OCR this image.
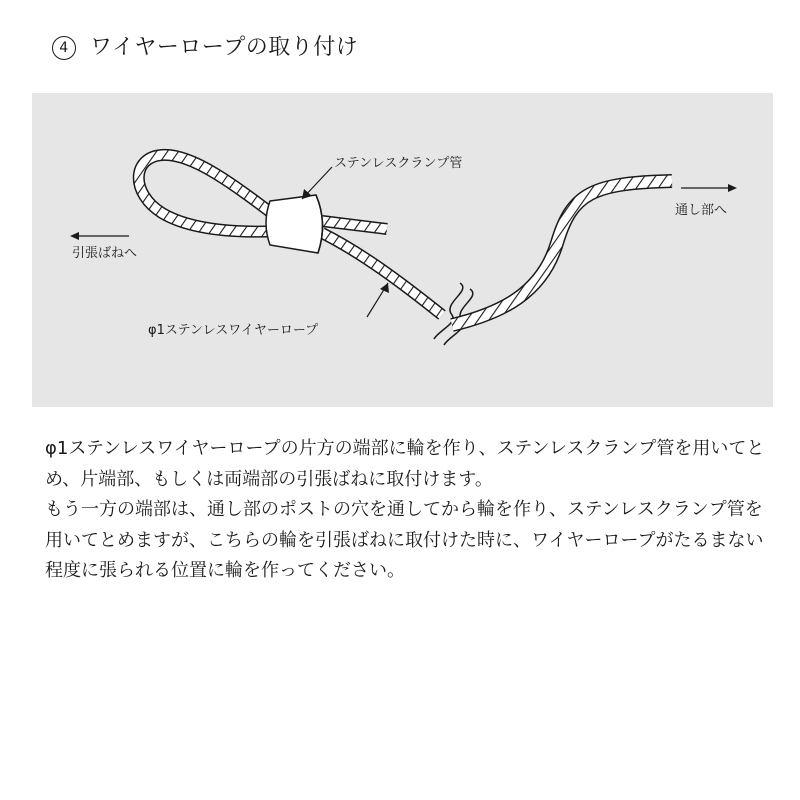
4 ワイヤーロープの取り付け
ステンレスクランプ管
通し部へ
引張ばねへ
φ1ステンレスワイヤーロープ

φ1ステンレスワイヤーロープの片方の端部に輪を作り、ステンレスクランプ管を用いてとめ、片端部、もしくは両端部の引張ばねに取付けます。

もう一方の端部は、通し部のポストの穴を通してから輪を作り、ステンレスクランプ管を用いてとめますが、こちらの輪を引張ばねに取付けた時に、ワイヤーロープがたるまない程度に張られる位置に輪を作ってください。
